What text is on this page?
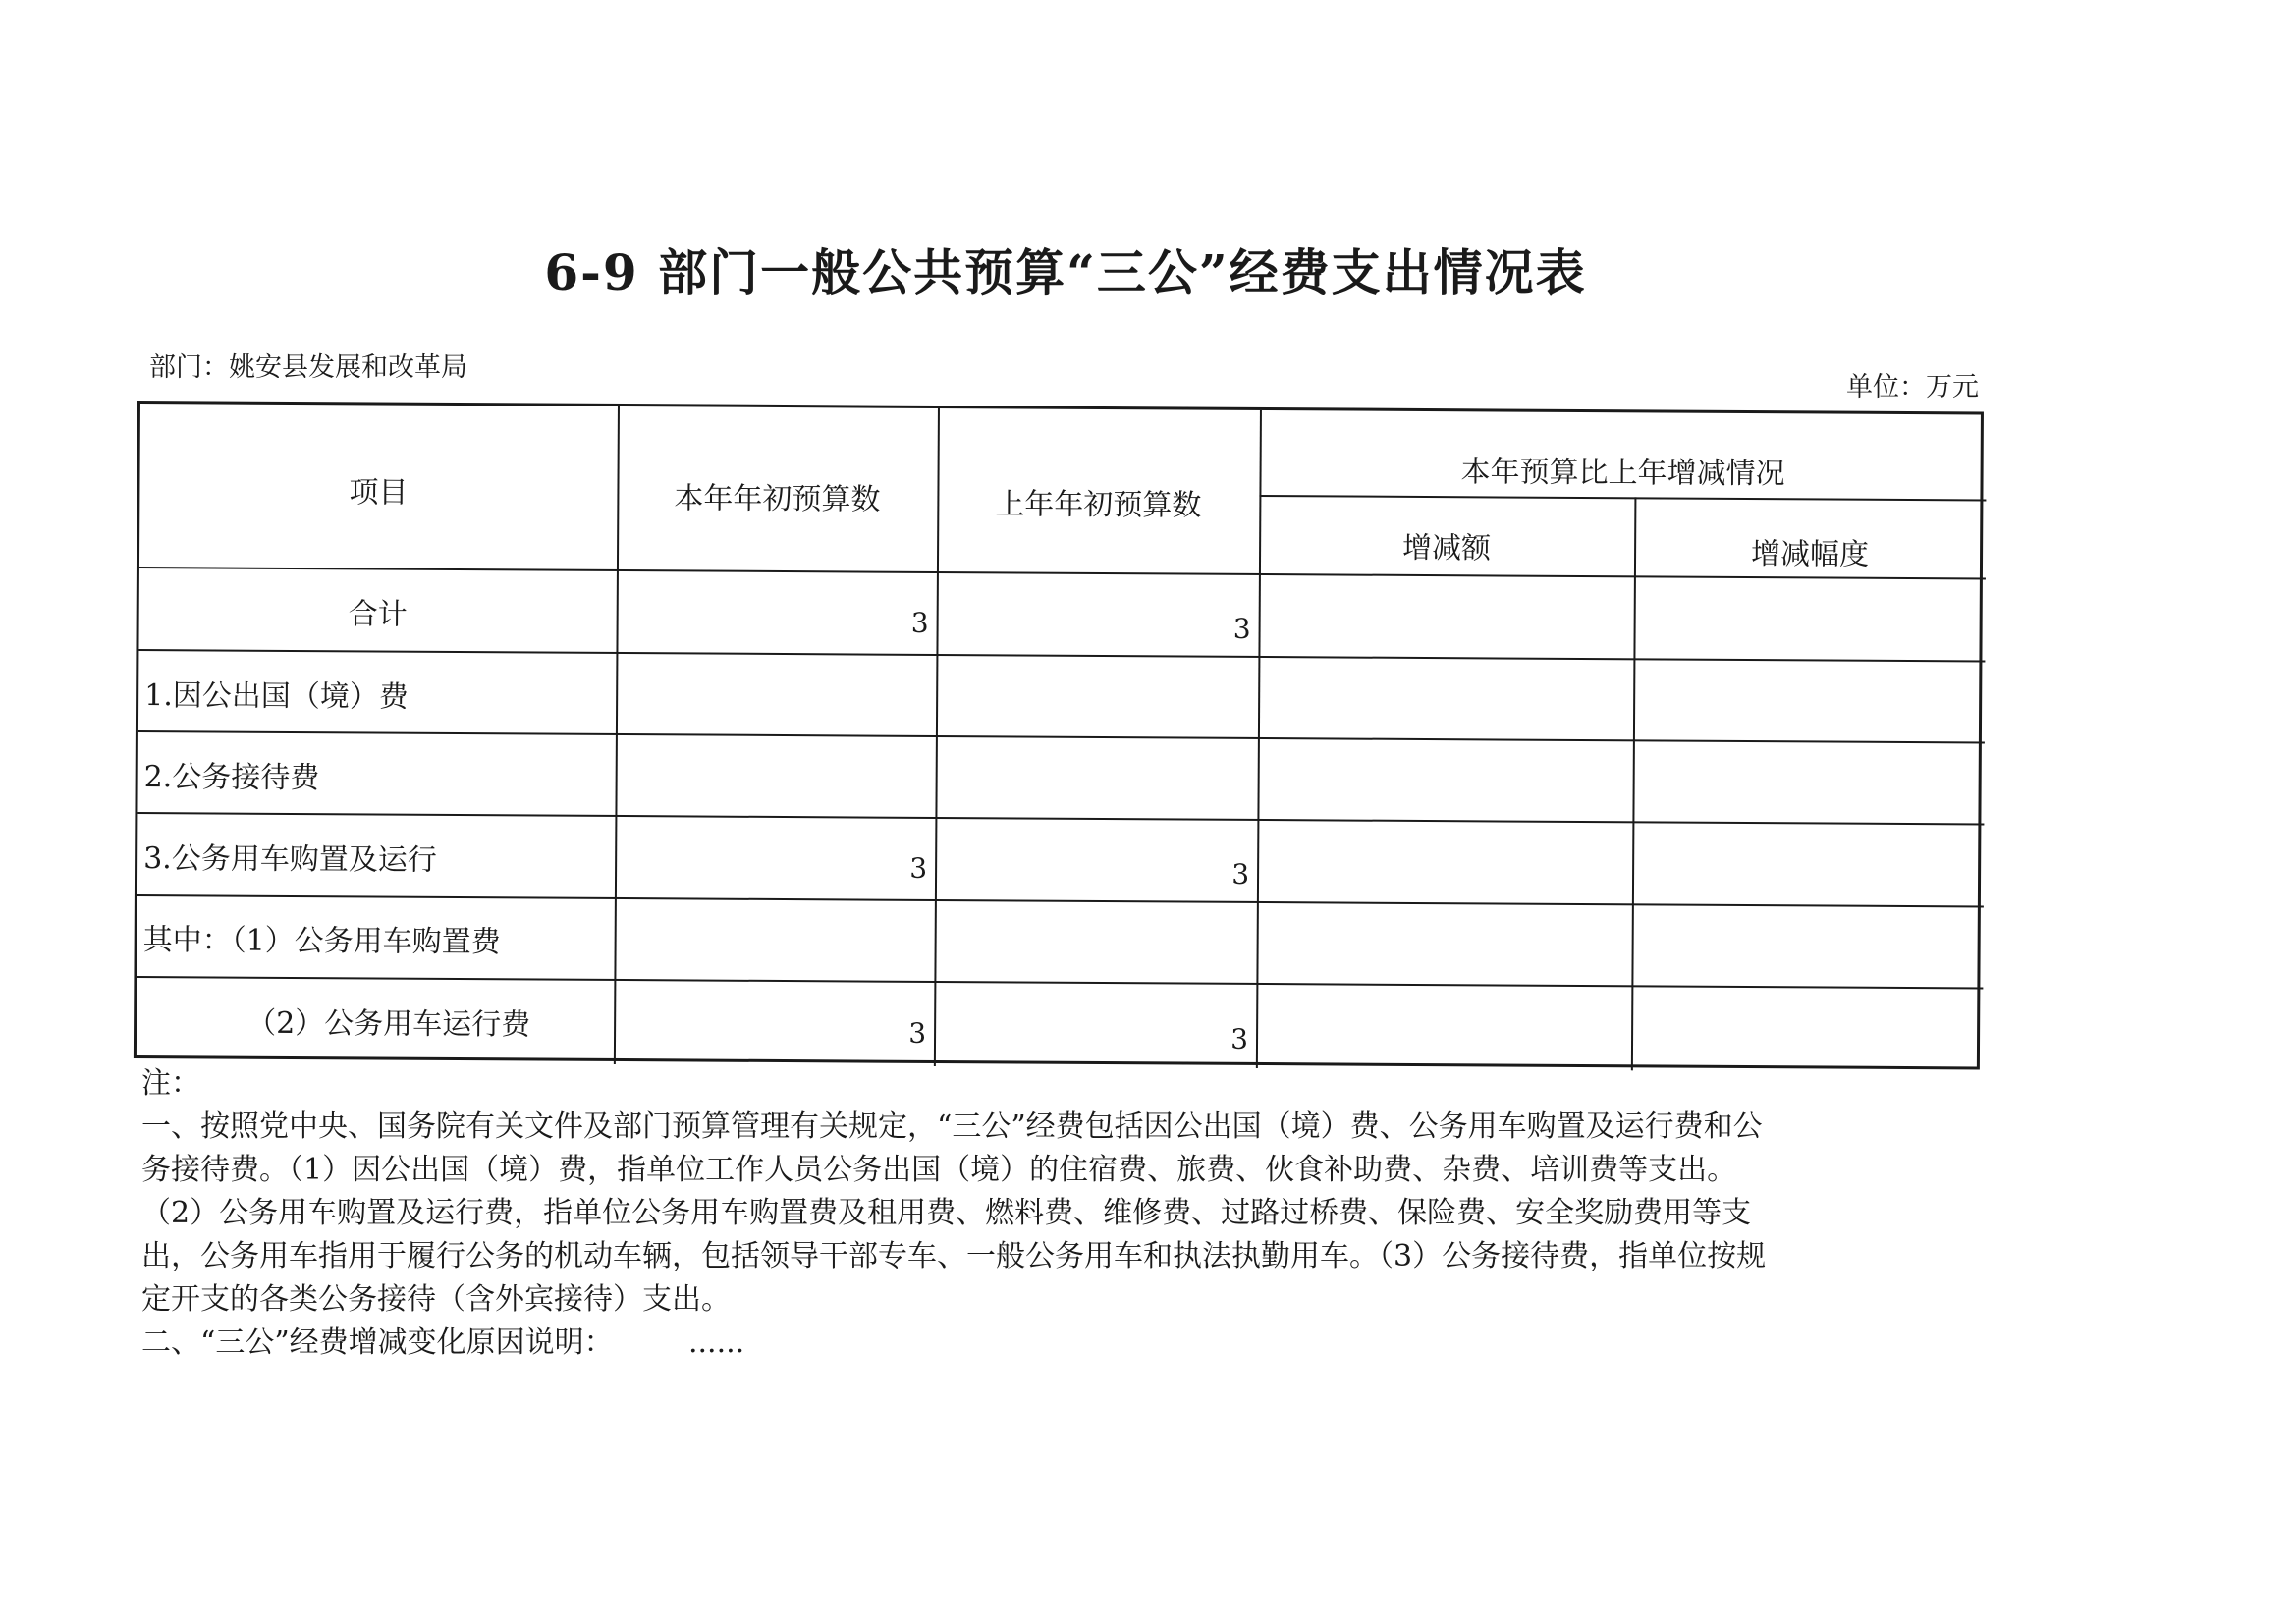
6-9 部门一般公共预算“三公”经费支出情况表
部门：姚安县发展和改革局
单位：万元
项目	本年年初预算数	上年年初预算数
本年预算比上年增减情况
增减额	增减幅度
合计	3	3
1.因公出国（境）费
2.公务接待费
3.公务用车购置及运行	3	3
其中：（1）公务用车购置费
（2）公务用车运行费	3	3

注：

一、按照党中央、国务院有关文件及部门预算管理有关规定，“三公”经费包括因公出国（境）费、公务用车购置及运行费和公

务接待费。（1）因公出国（境）费，指单位工作人员公务出国（境）的住宿费、旅费、伙食补助费、杂费、培训费等支出。

（2）公务用车购置及运行费，指单位公务用车购置费及租用费、燃料费、维修费、过路过桥费、保险费、安全奖励费用等支

出，公务用车指用于履行公务的机动车辆，包括领导干部专车、一般公务用车和执法执勤用车。（3）公务接待费，指单位按规

定开支的各类公务接待（含外宾接待）支出。

二、“三公”经费增减变化原因说明：        ......
